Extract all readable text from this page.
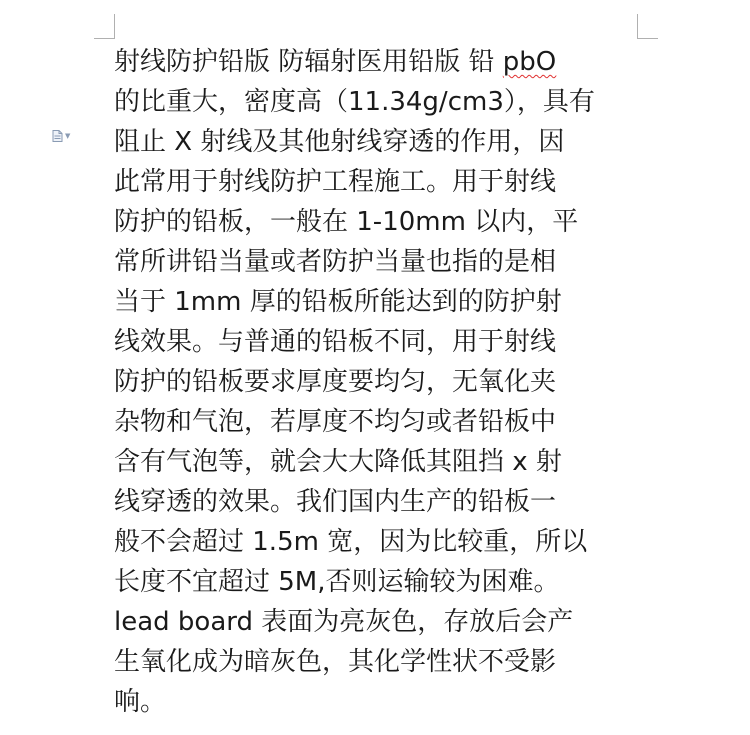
▼
射线防护铅版 防辐射医用铅版 铅 pbO
的比重大，密度高（11.34g/cm3），具有
阻止 X 射线及其他射线穿透的作用，因
此常用于射线防护工程施工。用于射线
防护的铅板，一般在 1-10mm 以内，平
常所讲铅当量或者防护当量也指的是相
当于 1mm 厚的铅板所能达到的防护射
线效果。与普通的铅板不同，用于射线
防护的铅板要求厚度要均匀，无氧化夹
杂物和气泡，若厚度不均匀或者铅板中
含有气泡等，就会大大降低其阻挡 x 射
线穿透的效果。我们国内生产的铅板一
般不会超过 1.5m 宽，因为比较重，所以
长度不宜超过 5M,否则运输较为困难。
lead board 表面为亮灰色，存放后会产
生氧化成为暗灰色，其化学性状不受影
响。
